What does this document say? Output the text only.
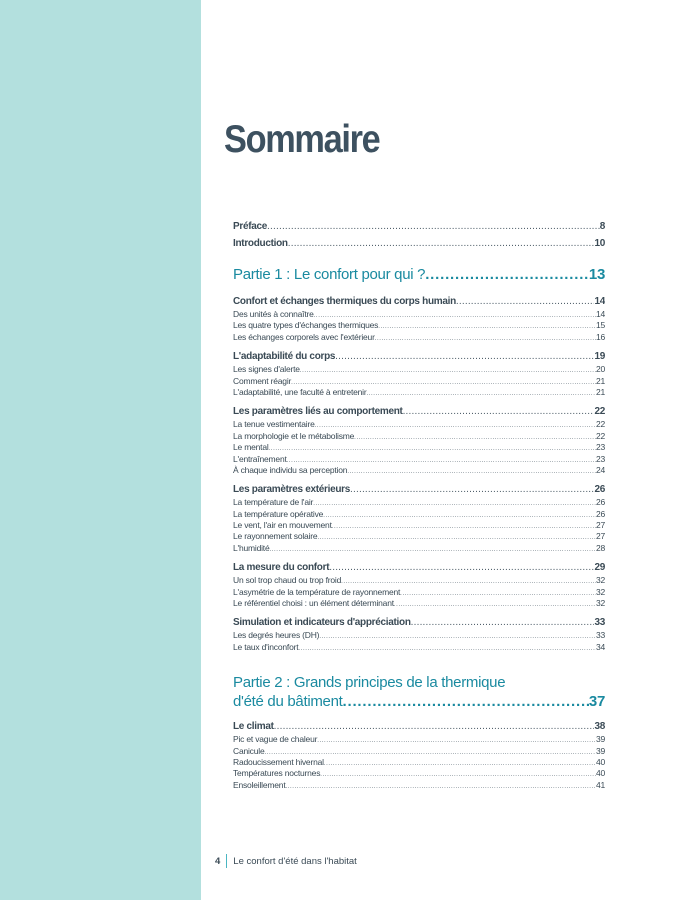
Sommaire
Préface .....	8
Introduction .....	10
Partie 1 : Le confort pour qui ? .....	13
Confort et échanges thermiques du corps humain .....	14
Des unités à connaître .....	14
Les quatre types d'échanges thermiques .....	15
Les échanges corporels avec l'extérieur .....	16
L'adaptabilité du corps .....	19
Les signes d'alerte .....	20
Comment réagir .....	21
L'adaptabilité, une faculté à entretenir .....	21
Les paramètres liés au comportement .....	22
La tenue vestimentaire .....	22
La morphologie et le métabolisme .....	22
Le mental .....	23
L'entraînement .....	23
À chaque individu sa perception .....	24
Les paramètres extérieurs .....	26
La température de l'air .....	26
La température opérative .....	26
Le vent, l'air en mouvement .....	27
Le rayonnement solaire .....	27
L'humidité .....	28
La mesure du confort .....	29
Un sol trop chaud ou trop froid .....	32
L'asymétrie de la température de rayonnement .....	32
Le référentiel choisi : un élément déterminant .....	32
Simulation et indicateurs d'appréciation .....	33
Les degrés heures (DH) .....	33
Le taux d'inconfort .....	34
Partie 2 : Grands principes de la thermique
d'été du bâtiment .....	37
Le climat .....	38
Pic et vague de chaleur .....	39
Canicule .....	39
Radoucissement hivernal .....	40
Températures nocturnes .....	40
Ensoleillement .....	41
4 Le confort d'été dans l'habitat
